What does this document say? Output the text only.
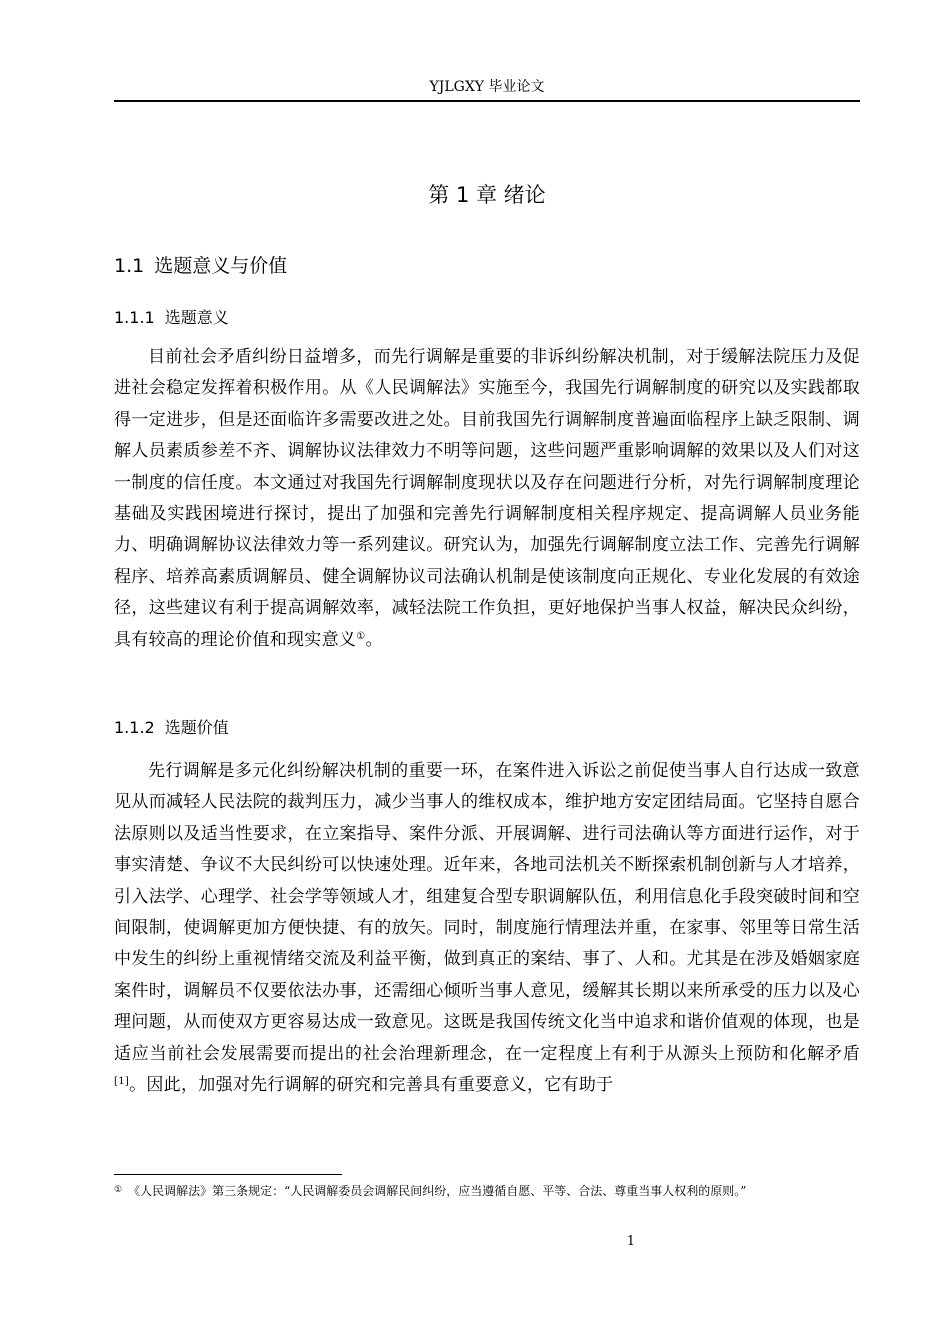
YJLGXY 毕业论文
第 1 章 绪论
1.1 选题意义与价值
1.1.1 选题意义
目前社会矛盾纠纷日益增多，而先行调解是重要的非诉纠纷解决机制，对于缓解法院压力及促进社会稳定发挥着积极作用。从《人民调解法》实施至今，我国先行调解制度的研究以及实践都取得一定进步，但是还面临许多需要改进之处。目前我国先行调解制度普遍面临程序上缺乏限制、调解人员素质参差不齐、调解协议法律效力不明等问题，这些问题严重影响调解的效果以及人们对这一制度的信任度。本文通过对我国先行调解制度现状以及存在问题进行分析，对先行调解制度理论基础及实践困境进行探讨，提出了加强和完善先行调解制度相关程序规定、提高调解人员业务能力、明确调解协议法律效力等一系列建议。研究认为，加强先行调解制度立法工作、完善先行调解程序、培养高素质调解员、健全调解协议司法确认机制是使该制度向正规化、专业化发展的有效途径，这些建议有利于提高调解效率，减轻法院工作负担，更好地保护当事人权益，解决民众纠纷，具有较高的理论价值和现实意义①。
1.1.2 选题价值
先行调解是多元化纠纷解决机制的重要一环，在案件进入诉讼之前促使当事人自行达成一致意见从而减轻人民法院的裁判压力，减少当事人的维权成本，维护地方安定团结局面。它坚持自愿合法原则以及适当性要求，在立案指导、案件分派、开展调解、进行司法确认等方面进行运作，对于事实清楚、争议不大民纠纷可以快速处理。近年来，各地司法机关不断探索机制创新与人才培养，引入法学、心理学、社会学等领域人才，组建复合型专职调解队伍，利用信息化手段突破时间和空间限制，使调解更加方便快捷、有的放矢。同时，制度施行情理法并重，在家事、邻里等日常生活中发生的纠纷上重视情绪交流及利益平衡，做到真正的案结、事了、人和。尤其是在涉及婚姻家庭案件时，调解员不仅要依法办事，还需细心倾听当事人意见，缓解其长期以来所承受的压力以及心理问题，从而使双方更容易达成一致意见。这既是我国传统文化当中追求和谐价值观的体现，也是适应当前社会发展需要而提出的社会治理新理念，在一定程度上有利于从源头上预防和化解矛盾[1]。因此，加强对先行调解的研究和完善具有重要意义，它有助于
① 《人民调解法》第三条规定：“人民调解委员会调解民间纠纷，应当遵循自愿、平等、合法、尊重当事人权利的原则。”
1
